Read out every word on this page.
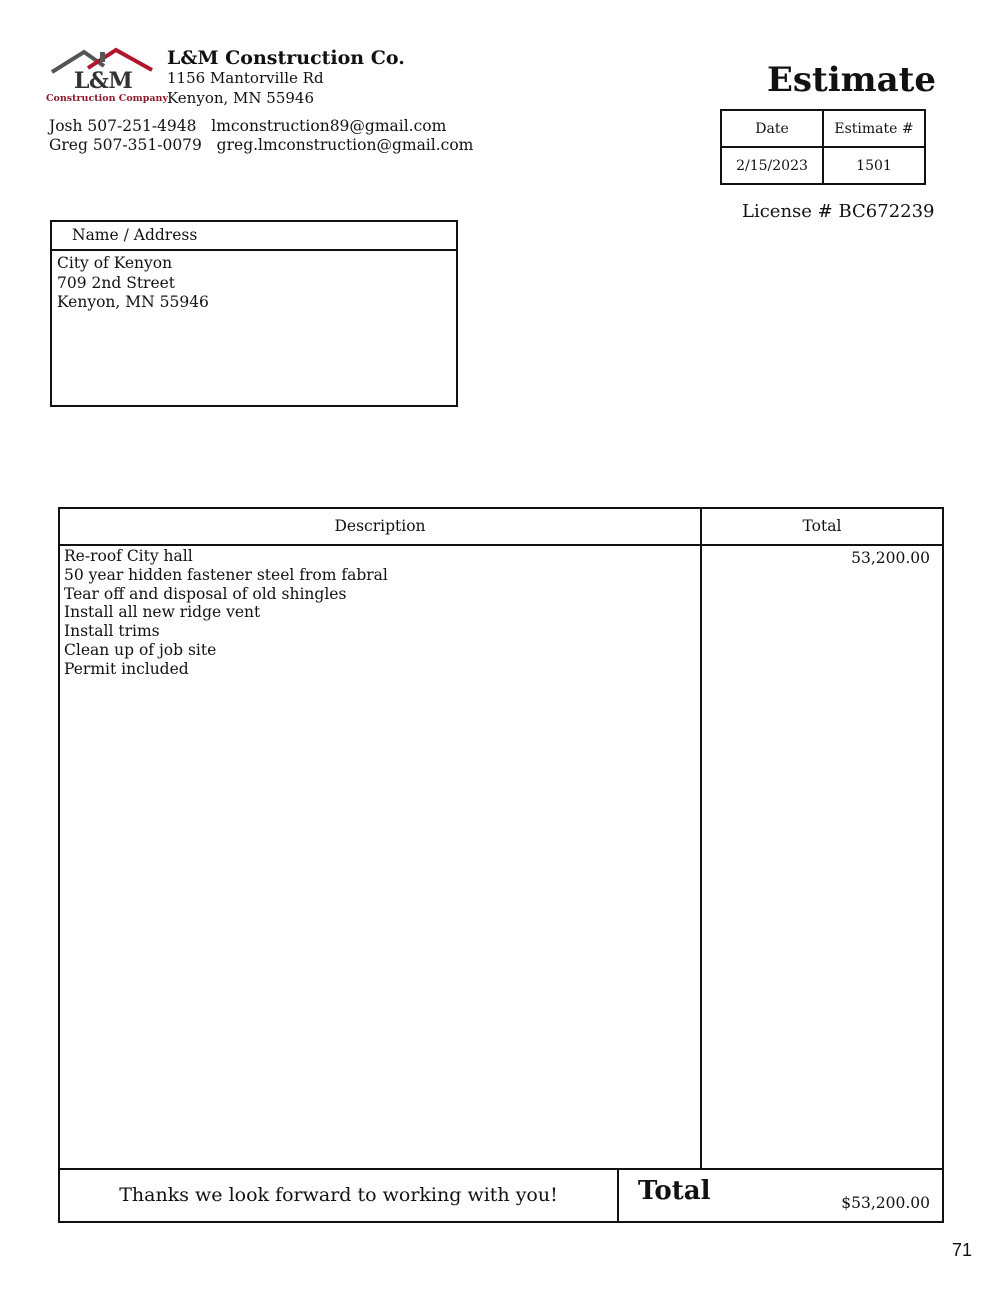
L&M
Construction Company
L&M Construction Co.
1156 Mantorville Rd
Kenyon, MN 55946
Josh 507-251-4948   lmconstruction89@gmail.com
Greg 507-351-0079   greg.lmconstruction@gmail.com
Estimate
Date	Estimate #
2/15/2023	1501
License # BC672239
Name / Address
City of Kenyon
709 2nd Street
Kenyon, MN 55946
Description	Total
Re-roof City hall
50 year hidden fastener steel from fabral
Tear off and disposal of old shingles
Install all new ridge vent
Install trims
Clean up of job site
Permit included
53,200.00
Thanks we look forward to working with you!	Total	$53,200.00
71
